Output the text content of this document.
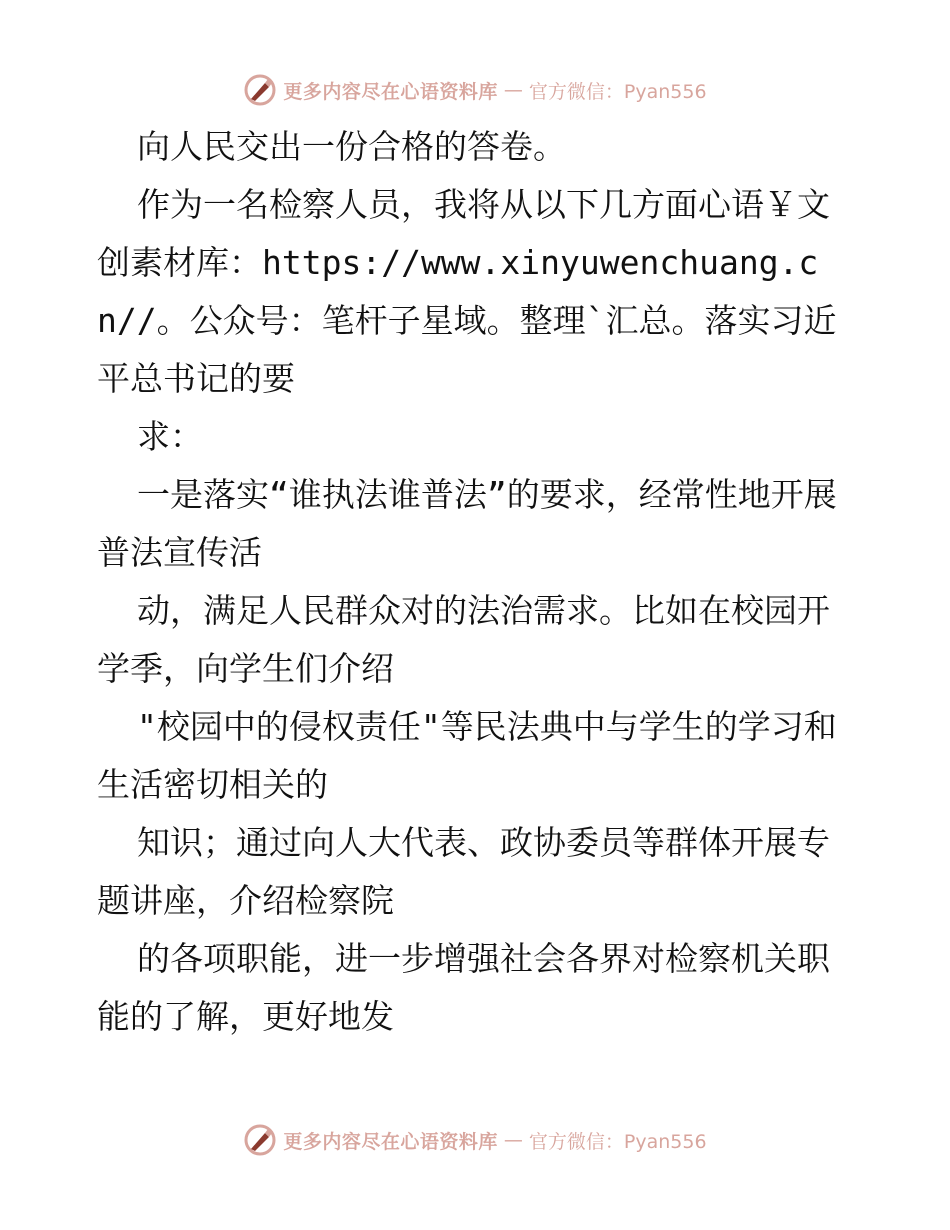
更多内容尽在心语资料库 — 官方微信：Pyan556

向人民交出一份合格的答卷。

作为一名检察人员，我将从以下几方面心语￥文创素材库：https://www.xinyuwenchuang.cn//。公众号：笔杆子星域。整理`汇总。落实习近平总书记的要

求：

一是落实“谁执法谁普法”的要求，经常性地开展普法宣传活

动，满足人民群众对的法治需求。比如在校园开学季，向学生们介绍

"校园中的侵权责任"等民法典中与学生的学习和生活密切相关的

知识；通过向人大代表、政协委员等群体开展专题讲座，介绍检察院

的各项职能，进一步增强社会各界对检察机关职能的了解，更好地发

更多内容尽在心语资料库 — 官方微信：Pyan556
